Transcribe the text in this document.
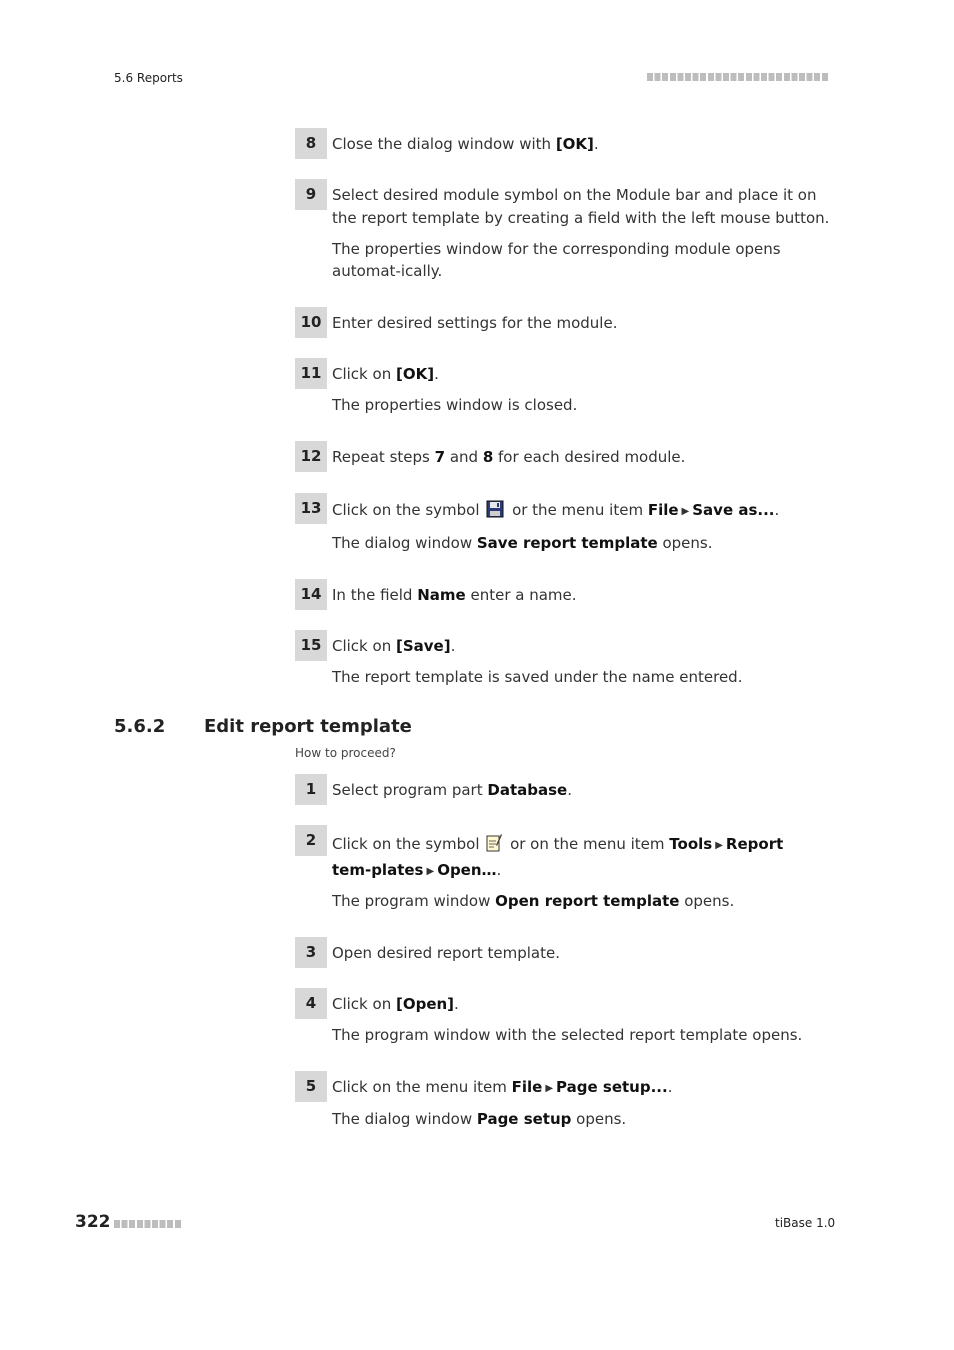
5.6 Reports
8	Close the dialog window with [OK].
9	Select desired module symbol on the Module bar and place it on the report template by creating a field with the left mouse button.
The properties window for the corresponding module opens automat-ically.
10 Enter desired settings for the module.
11 Click on [OK].
The properties window is closed.
12 Repeat steps 7 and 8 for each desired module.
13 Click on the symbol  or the menu item File ▶ Save as....
The dialog window Save report template opens.
14 In the field Name enter a name.
15 Click on [Save].
The report template is saved under the name entered.
5.6.2 Edit report template
How to proceed?
1	Select program part Database.
2	Click on the symbol  or on the menu item Tools ▶ Report tem-plates ▶ Open….
The program window Open report template opens.
3	Open desired report template.
4	Click on [Open].
The program window with the selected report template opens.
5	Click on the menu item File ▶ Page setup....
The dialog window Page setup opens.
322	tiBase 1.0
